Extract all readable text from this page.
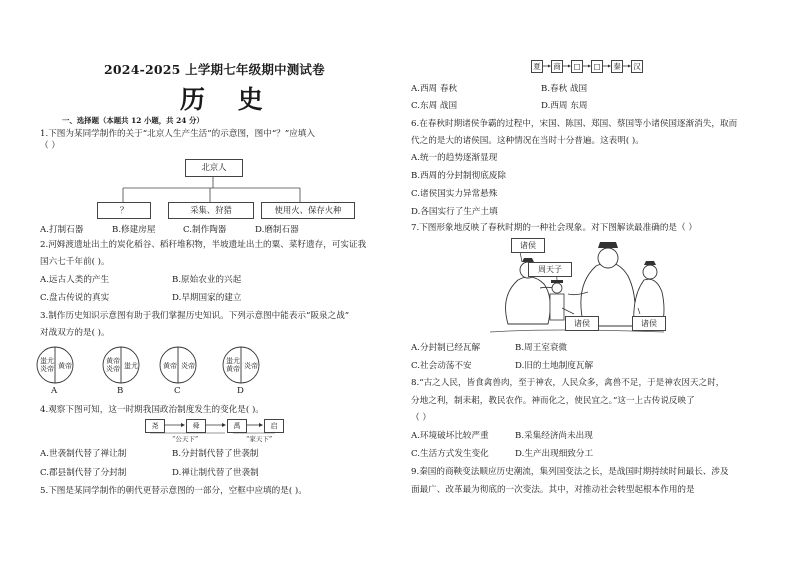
2024-2025 上学期七年级期中测试卷
历 史
一、选择题（本题共 12 小题，共 24 分）
1.下图为某同学制作的关于“北京人生产生活”的示意图，图中“？”应填入
（ ）
北京人
？	采集、狩猎	使用火、保存火种
A.打制石器	B.修建房屋	C.制作陶器	D.磨制石器
2.河姆渡遗址出土的炭化稻谷、稻秆堆积物，半坡遗址出土的粟、菜籽遗存，可实证我
国六七千年前( )。
A.远古人类的产生	B.原始农业的兴起
C.盘古传说的真实	D.早期国家的建立
3.制作历史知识示意图有助于我们掌握历史知识。下列示意图中能表示“阪泉之战”
对战双方的是( )。
蚩尤炎帝 黄帝
黄帝炎帝 蚩尤	黄帝 炎帝
蚩尤黄帝 炎帝
A	B	C	D
4.观察下图可知，这一时期我国政治制度发生的变化是( )。
尧	舜	禹	启
“公天下”	“家天下”
A.世袭制代替了禅让制	B.分封制代替了世袭制
C.郡县制代替了分封制	D.禅让制代替了世袭制
5.下图是某同学制作的朝代更替示意图的一部分，空框中应填的是( )。
夏	商	□	□	秦	汉
A.西周 春秋	B.春秋 战国
C.东周 战国	D.西周 东周
6.在春秋时期诸侯争霸的过程中，宋国、陈国、郑国、蔡国等小诸侯国逐渐消失，取而
代之的是大的诸侯国。这种情况在当时十分普遍。这表明( )。
A.统一的趋势逐渐显现
B.西周的分封制彻底废除
C.诸侯国实力异常悬殊
D.各国实行了生产土填
7.下图形象地反映了春秋时期的一种社会现象。对下图解读最准确的是（ ）
诸侯
周天子
诸侯	诸侯
A.分封制已经瓦解	B.周王室衰微
C.社会动荡不安	D.旧的土地制度瓦解
8.“古之人民，皆食禽兽肉，至于神农，人民众多，禽兽不足，于是神农因天之时，
分地之利，制耒耜，教民农作。神而化之，使民宜之。”这一上古传说反映了
（ ）
A.环境破坏比较严重	B.采集经济尚未出现
C.生活方式发生变化	D.生产出现细致分工
9.秦国的商鞅变法顺应历史潮流，集列国变法之长，是战国时期持续时间最长、涉及
面最广、改革最为彻底的一次变法。其中，对推动社会转型起根本作用的是
